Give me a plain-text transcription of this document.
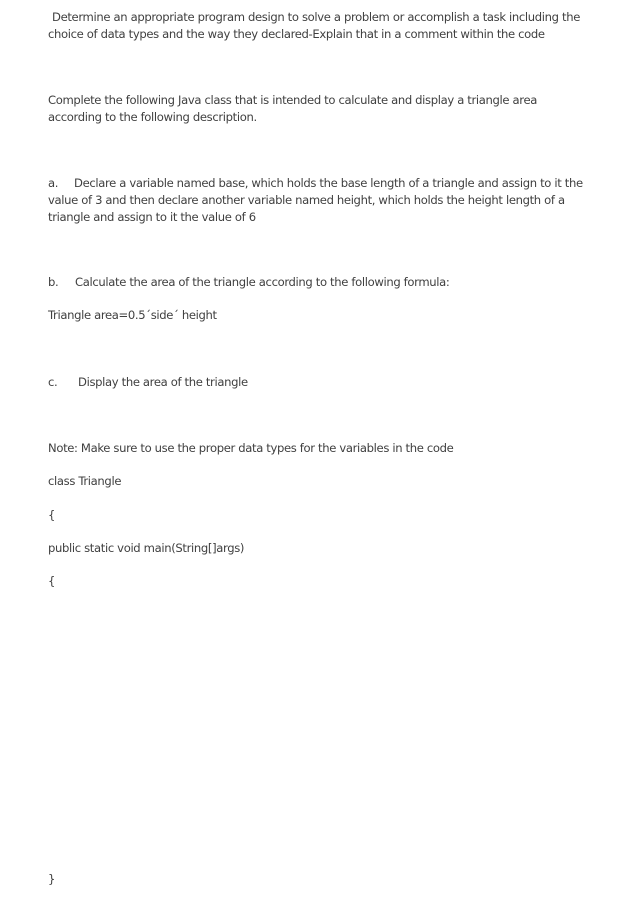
Determine an appropriate program design to solve a problem or accomplish a task including the
choice of data types and the way they declared-Explain that in a comment within the code
Complete the following Java class that is intended to calculate and display a triangle area
according to the following description.
a. Declare a variable named base, which holds the base length of a triangle and assign to it the
value of 3 and then declare another variable named height, which holds the height length of a
triangle and assign to it the value of 6
b. Calculate the area of the triangle according to the following formula:
Triangle area=0.5´side´ height
c. Display the area of the triangle
Note: Make sure to use the proper data types for the variables in the code
class Triangle
{
public static void main(String[]args)
{
}
